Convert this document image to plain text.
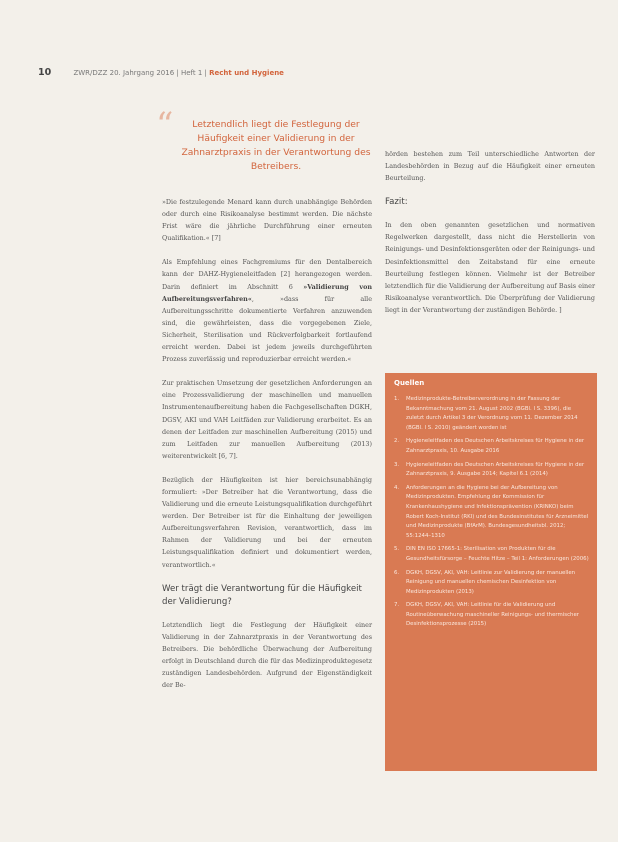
10	ZWR/DZZ 20. Jahrgang 2016 | Heft 1 | Recht und Hygiene
“ Letztendlich liegt die Festlegung der Häufigkeit einer Validierung in der Zahnarztpraxis in der Verantwortung des Betreibers.

»Die festzulegende Menard kann durch unabhängige Behörden oder durch eine Risikoanalyse bestimmt werden. Die nächste Frist wäre die jährliche Durchführung einer erneuten Qualifikation.« [7]

Als Empfehlung eines Fachgremiums für den Dentalbereich kann der DAHZ-Hygieneleitfaden [2] herangezogen werden. Darin definiert im Abschnitt 6 »Validierung von Aufbereitungsverfahren«, »dass für alle Aufbereitungsschritte dokumentierte Verfahren anzuwenden sind, die gewährleisten, dass die vorgegebenen Ziele, Sicherheit, Sterilisation und Rückverfolgbarkeit fortlaufend erreicht werden. Dabei ist jedem jeweils durchgeführten Prozess zuverlässig und reproduzierbar erreicht werden.«

Zur praktischen Umsetzung der gesetzlichen Anforderungen an eine Prozessvalidierung der maschinellen und manuellen Instrumentenaufbereitung haben die Fachgesellschaften DGKH, DGSV, AKI und VAH Leitfäden zur Validierung erarbeitet. Es an denen der Leitfaden zur maschinellen Aufbereitung (2015) und zum Leitfaden zur manuellen Aufbereitung (2013) weiterentwickelt [6, 7].

Bezüglich der Häufigkeiten ist hier bereichsunabhängig formuliert: »Der Betreiber hat die Verantwortung, dass die Validierung und die erneute Leistungsqualifikation durchgeführt werden. Der Betreiber ist für die Einhaltung der jeweiligen Aufbereitungsverfahren Revision, verantwortlich, dass im Rahmen der Validierung und bei der erneuten Leistungsqualifikation definiert und dokumentiert werden, verantwortlich.«

Wer trägt die Verantwortung für die Häufigkeit der Validierung?

Letztendlich liegt die Festlegung der Häufigkeit einer Validierung in der Zahnarztpraxis in der Verantwortung des Betreibers. Die behördliche Überwachung der Aufbereitung erfolgt in Deutschland durch die für das Medizinproduktegesetz zuständigen Landesbehörden. Aufgrund der Eigenständigkeit der Be-

hörden bestehen zum Teil unterschiedliche Antworten der Landesbehörden in Bezug auf die Häufigkeit einer erneuten Beurteilung.

Fazit:

In den oben genannten gesetzlichen und normativen Regelwerken dargestellt, dass nicht die Herstellerin von Reinigungs- und Desinfektionsgeräten oder der Reinigungs- und Desinfektionsmittel den Zeitabstand für eine erneute Beurteilung festlegen können. Vielmehr ist der Betreiber letztendlich für die Validierung der Aufbereitung auf Basis einer Risikoanalyse verantwortlich. Die Überprüfung der Validierung liegt in der Verantwortung der zuständigen Behörde. ]

Quellen
1.	Medizinprodukte-Betreiberverordnung in der Fassung der Bekanntmachung vom 21. August 2002 (BGBl. I S. 3396), die zuletzt durch Artikel 3 der Verordnung vom 11. Dezember 2014 (BGBl. I S. 2010) geändert worden ist
2.	Hygieneleitfaden des Deutschen Arbeitskreises für Hygiene in der Zahnarztpraxis, 10. Ausgabe 2016
3.	Hygieneleitfaden des Deutschen Arbeitskreises für Hygiene in der Zahnarztpraxis, 9. Ausgabe 2014; Kapitel 6.1 (2014)
4.	Anforderungen an die Hygiene bei der Aufbereitung von Medizinprodukten. Empfehlung der Kommission für Krankenhaushygiene und Infektionsprävention (KRINKO) beim Robert Koch-Institut (RKI) und des Bundesinstitutes für Arzneimittel und Medizinprodukte (BfArM). Bundesgesundheitsbl. 2012; 55:1244–1310
5.	DIN EN ISO 17665-1: Sterilisation von Produkten für die Gesundheitsfürsorge – Feuchte Hitze – Teil 1: Anforderungen (2006)
6.	DGKH, DGSV, AKI, VAH: Leitlinie zur Validierung der manuellen Reinigung und manuellen chemischen Desinfektion von Medizinprodukten (2013)
7.	DGKH, DGSV, AKI, VAH: Leitlinie für die Validierung und Routineüberwachung maschineller Reinigungs- und thermischer Desinfektionsprozesse (2015)
